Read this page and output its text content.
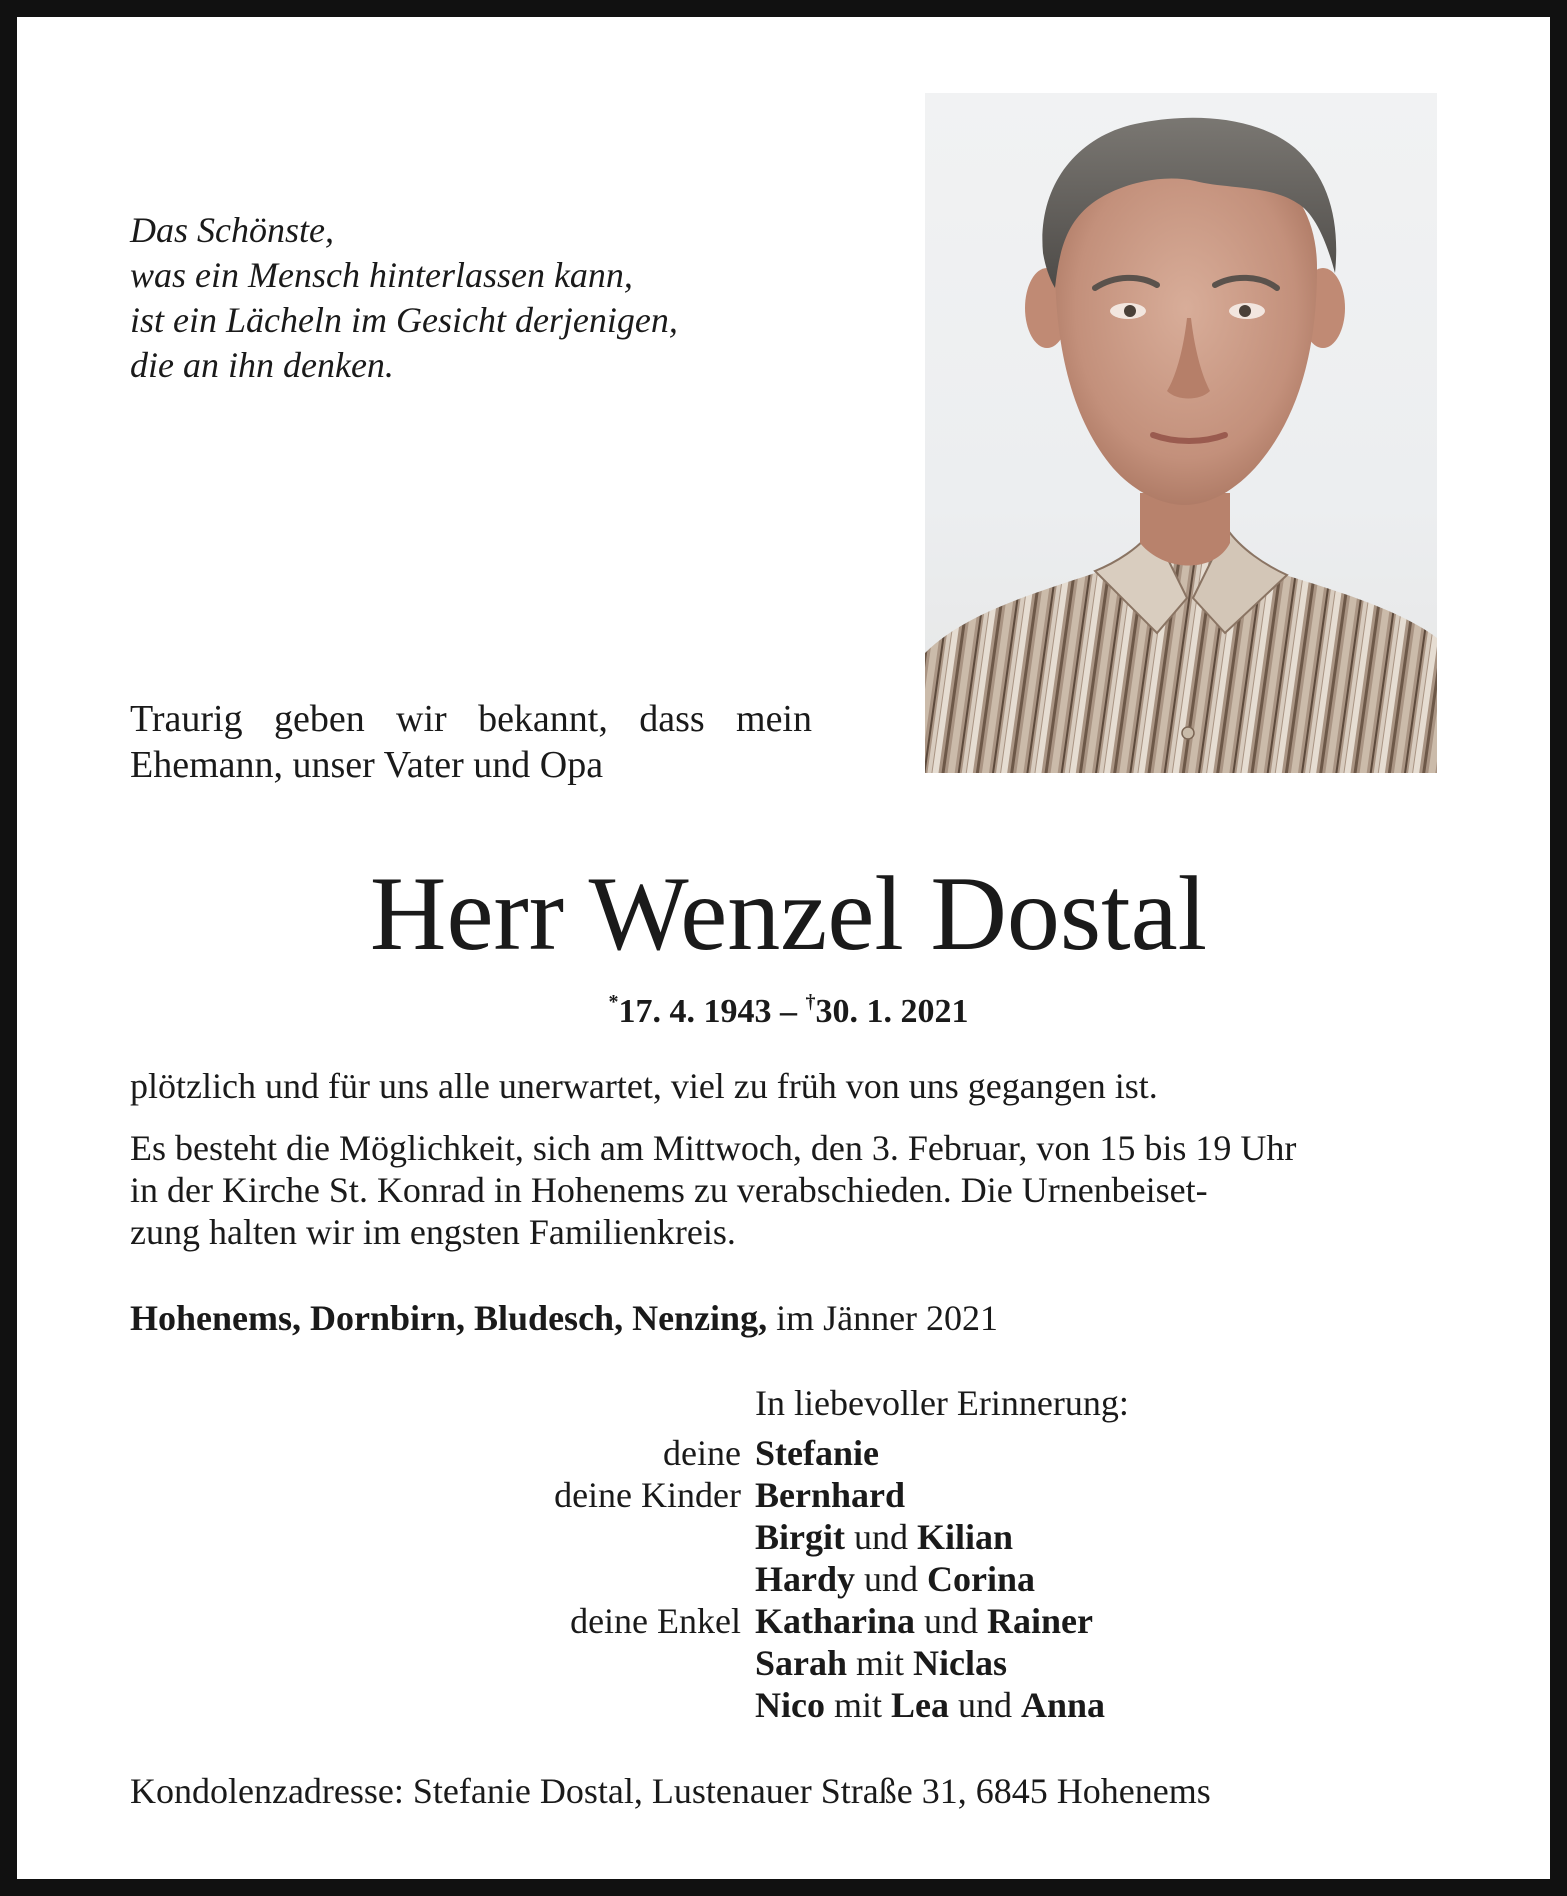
Das Schönste,
was ein Mensch hinterlassen kann,
ist ein Lächeln im Gesicht derjenigen,
die an ihn denken.
Traurig geben wir bekannt, dass mein Ehemann, unser Vater und Opa
Herr Wenzel Dostal
*17. 4. 1943 – †30. 1. 2021
plötzlich und für uns alle unerwartet, viel zu früh von uns gegangen ist.
Es besteht die Möglichkeit, sich am Mittwoch, den 3. Februar, von 15 bis 19 Uhr
in der Kirche St. Konrad in Hohenems zu verabschieden. Die Urnenbeiset-
zung halten wir im engsten Familienkreis.
Hohenems, Dornbirn, Bludesch, Nenzing, im Jänner 2021
In liebevoller Erinnerung:
deine Stefanie
deine Kinder Bernhard
Birgit und Kilian
Hardy und Corina
deine Enkel Katharina und Rainer
Sarah mit Niclas
Nico mit Lea und Anna
Kondolenzadresse: Stefanie Dostal, Lustenauer Straße 31, 6845 Hohenems
